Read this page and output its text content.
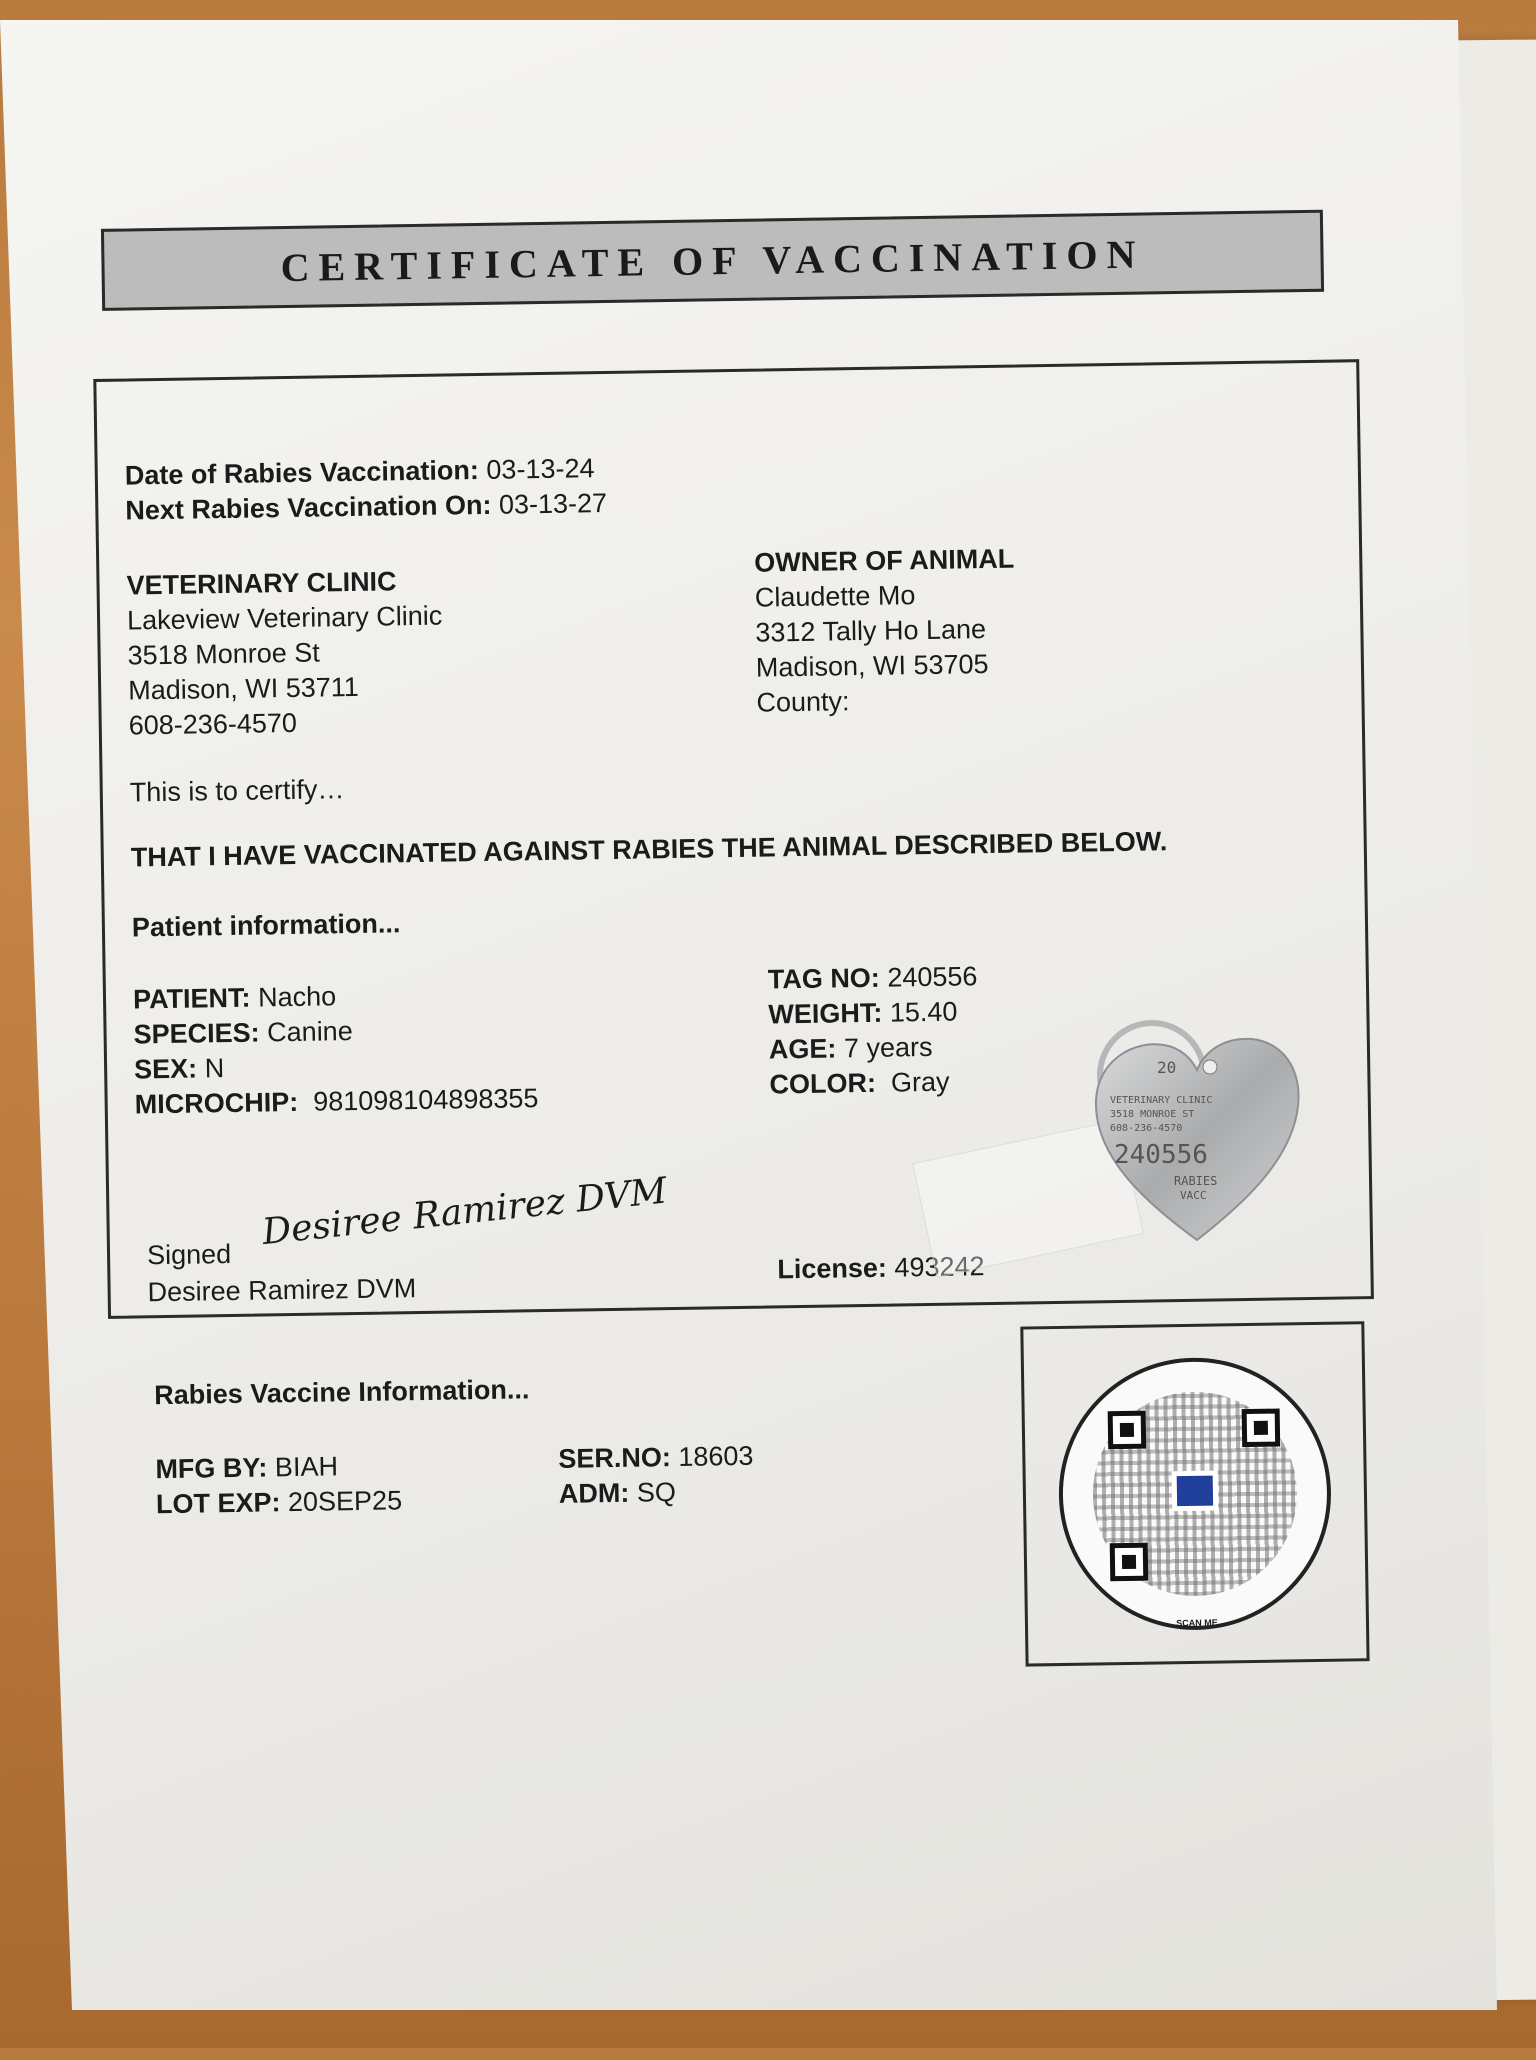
CERTIFICATE OF VACCINATION
Date of Rabies Vaccination: 03-13-24
Next Rabies Vaccination On: 03-13-27
VETERINARY CLINIC
Lakeview Veterinary Clinic
3518 Monroe St
Madison, WI 53711
608-236-4570
OWNER OF ANIMAL
Claudette Mo
3312 Tally Ho Lane
Madison, WI 53705
County:
This is to certify…
THAT I HAVE VACCINATED AGAINST RABIES THE ANIMAL DESCRIBED BELOW.
Patient information...
PATIENT: Nacho
SPECIES: Canine
SEX: N
MICROCHIP: 981098104898355
TAG NO: 240556
WEIGHT: 15.40
AGE: 7 years
COLOR: Gray
Signed
Desiree Ramirez DVM
Desiree Ramirez DVM
License: 493242
Rabies Vaccine Information...
MFG BY: BIAH
LOT EXP: 20SEP25
SER.NO: 18603
ADM: SQ
SCAN ME
20
VETERINARY CLINIC
3518 MONROE ST
608-236-4570
240556
RABIES
VACC
